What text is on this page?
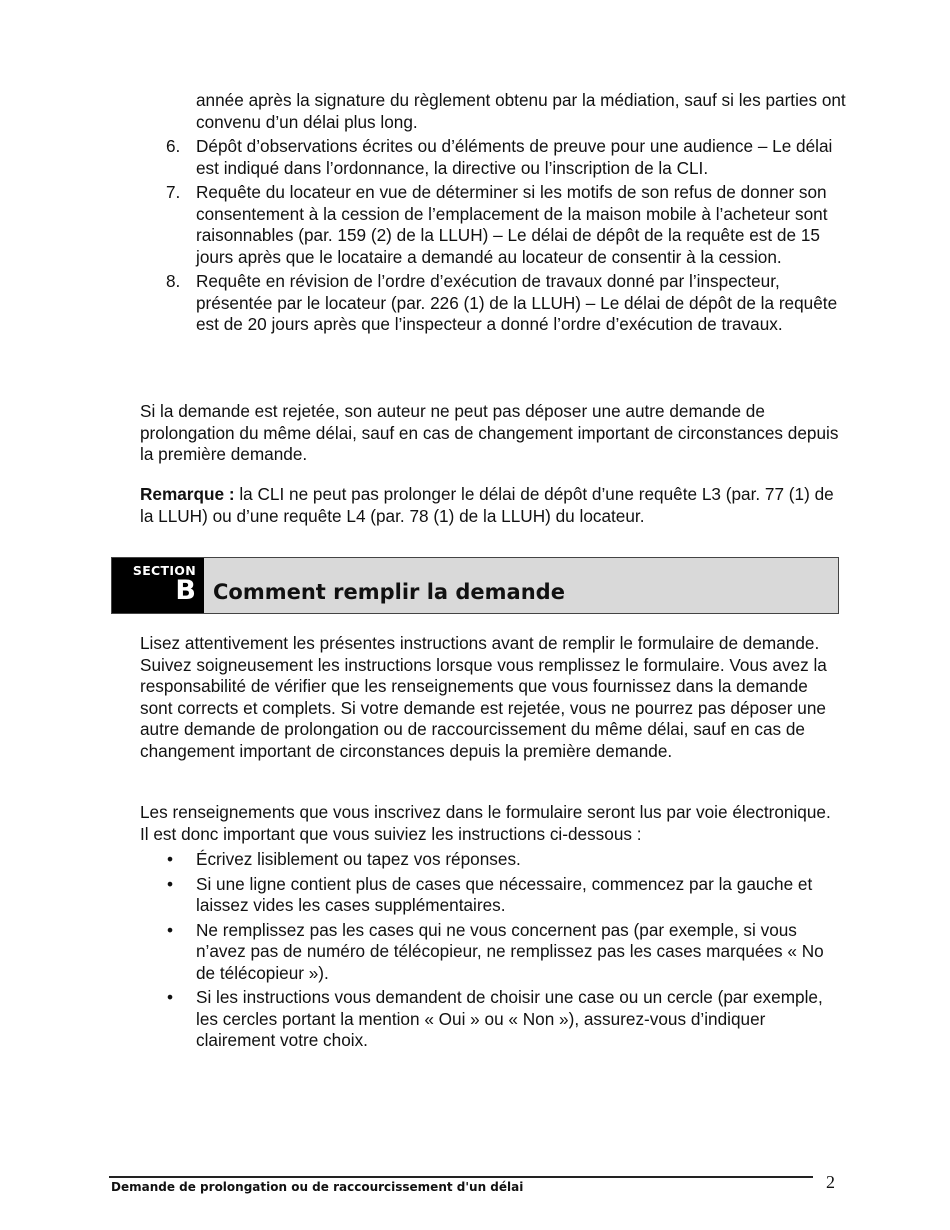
année après la signature du règlement obtenu par la médiation, sauf si les parties ont convenu d’un délai plus long.
6. Dépôt d’observations écrites ou d’éléments de preuve pour une audience – Le délai est indiqué dans l’ordonnance, la directive ou l’inscription de la CLI.
7. Requête du locateur en vue de déterminer si les motifs de son refus de donner son consentement à la cession de l’emplacement de la maison mobile à l’acheteur sont raisonnables (par. 159 (2) de la LLUH) – Le délai de dépôt de la requête est de 15 jours après que le locataire a demandé au locateur de consentir à la cession.
8. Requête en révision de l’ordre d’exécution de travaux donné par l’inspecteur, présentée par le locateur (par. 226 (1) de la LLUH) – Le délai de dépôt de la requête est de 20 jours après que l’inspecteur a donné l’ordre d’exécution de travaux.
Si la demande est rejetée, son auteur ne peut pas déposer une autre demande de prolongation du même délai, sauf en cas de changement important de circonstances depuis la première demande.
Remarque : la CLI ne peut pas prolonger le délai de dépôt d’une requête L3 (par. 77 (1) de la LLUH) ou d’une requête L4 (par. 78 (1) de la LLUH) du locateur.
SECTION
B Comment remplir la demande
Lisez attentivement les présentes instructions avant de remplir le formulaire de demande. Suivez soigneusement les instructions lorsque vous remplissez le formulaire. Vous avez la responsabilité de vérifier que les renseignements que vous fournissez dans la demande sont corrects et complets. Si votre demande est rejetée, vous ne pourrez pas déposer une autre demande de prolongation ou de raccourcissement du même délai, sauf en cas de changement important de circonstances depuis la première demande.
Les renseignements que vous inscrivez dans le formulaire seront lus par voie électronique. Il est donc important que vous suiviez les instructions ci-dessous :
• Écrivez lisiblement ou tapez vos réponses.
• Si une ligne contient plus de cases que nécessaire, commencez par la gauche et laissez vides les cases supplémentaires.
• Ne remplissez pas les cases qui ne vous concernent pas (par exemple, si vous n’avez pas de numéro de télécopieur, ne remplissez pas les cases marquées « No de télécopieur »).
• Si les instructions vous demandent de choisir une case ou un cercle (par exemple, les cercles portant la mention « Oui » ou « Non »), assurez-vous d’indiquer clairement votre choix.
Demande de prolongation ou de raccourcissement d'un délai	2
